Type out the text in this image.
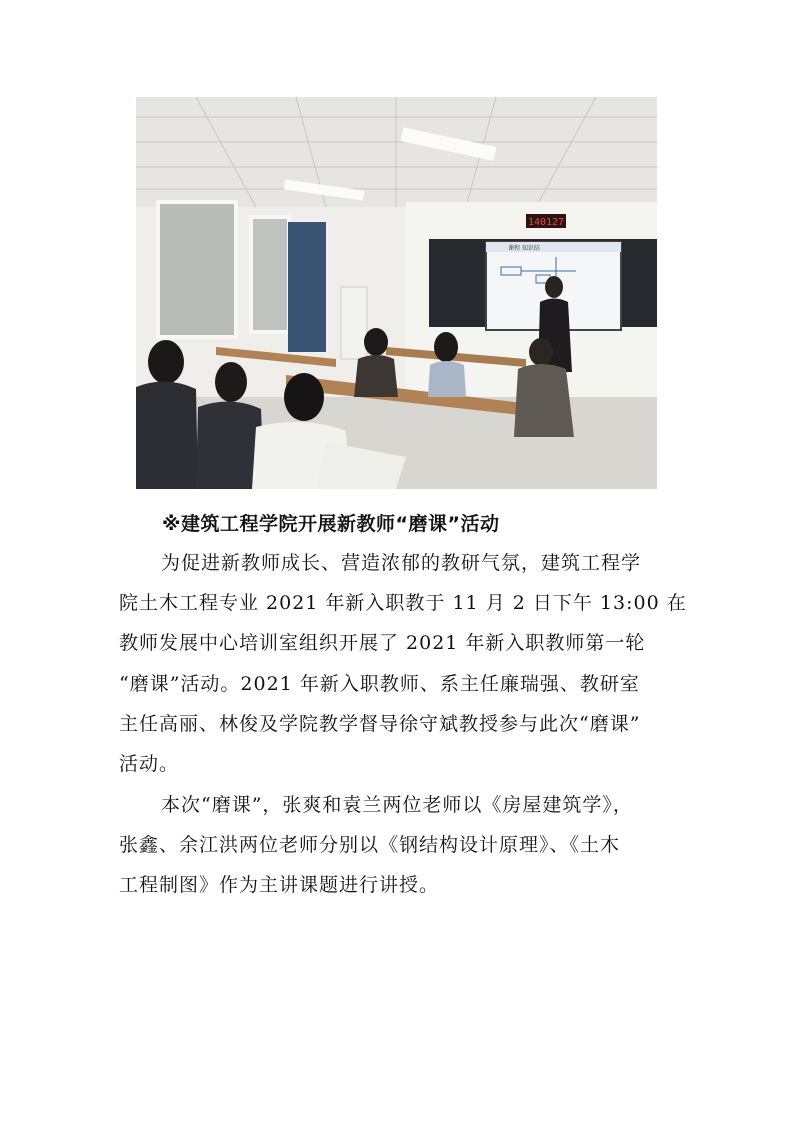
140127
课程 知识结
※建筑工程学院开展新教师“磨课”活动

为促进新教师成长、营造浓郁的教研气氛，建筑工程学
院土木工程专业 2021 年新入职教于 11 月 2 日下午 13:00 在
教师发展中心培训室组织开展了 2021 年新入职教师第一轮
“磨课”活动。2021 年新入职教师、系主任廉瑞强、教研室
主任高丽、林俊及学院教学督导徐守斌教授参与此次“磨课”
活动。

本次“磨课”，张爽和袁兰两位老师以《房屋建筑学》，
张鑫、余江洪两位老师分别以《钢结构设计原理》、《土木
工程制图》作为主讲课题进行讲授。
